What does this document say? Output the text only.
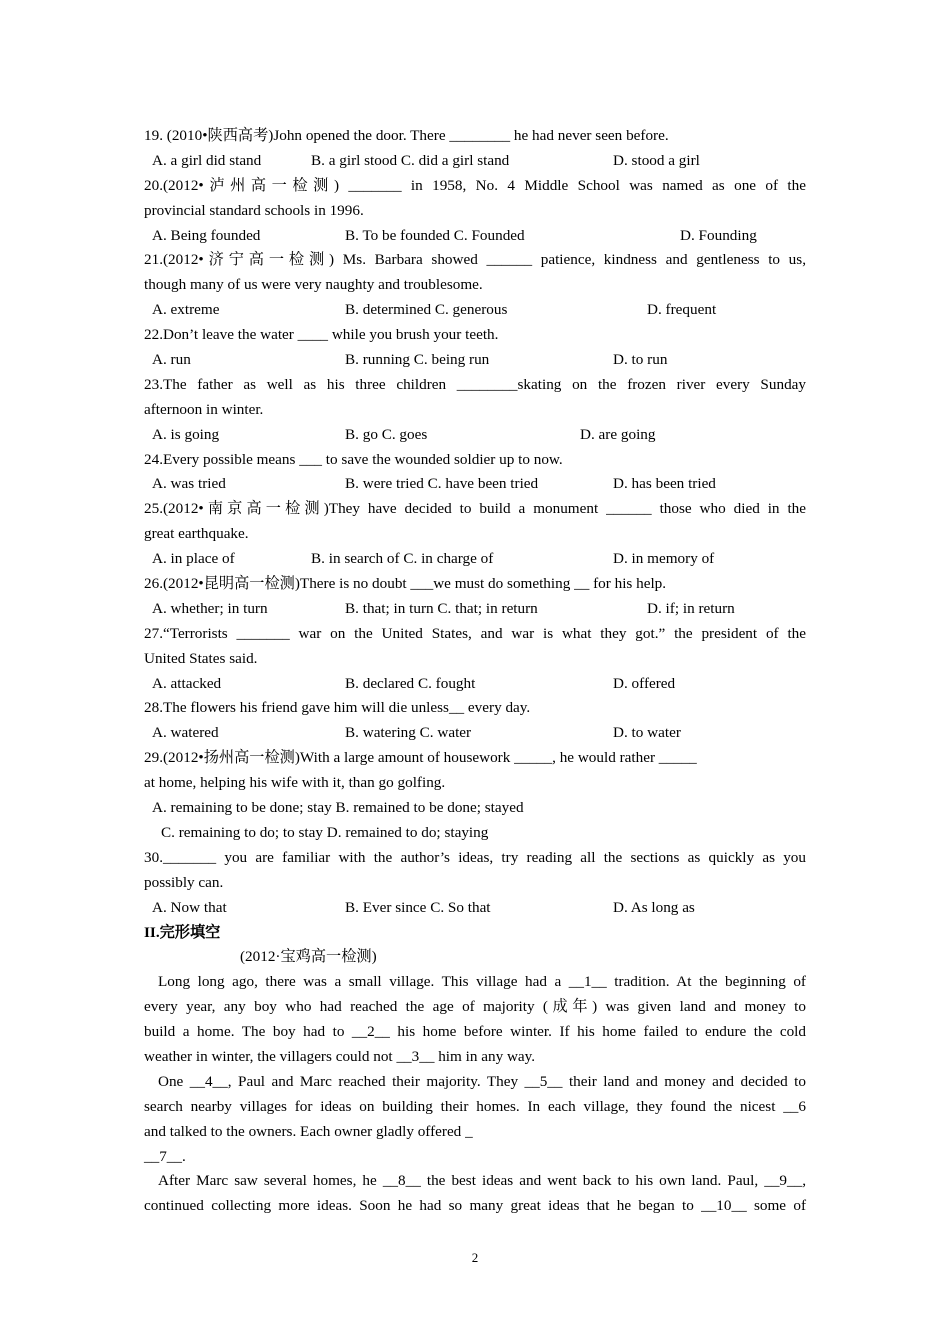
19. (2010•陕西高考)John opened the door. There ________ he had never seen before.
A. a girl did stand	B. a girl stood C. did a girl stand	D. stood a girl
20.(2012•泸州高一检测) _______ in 1958, No. 4 Middle School was named as one of the
provincial standard schools in 1996.
A. Being founded	B. To be founded C. Founded	D. Founding
21.(2012•济宁高一检测) Ms. Barbara showed ______ patience, kindness and gentleness to us,
though many of us were very naughty and troublesome.
A. extreme	B. determined C. generous	D. frequent
22.Don’t leave the water ____ while you brush your teeth.
A. run	B. running C. being run	D. to run
23.The father as well as his three children ________skating on the frozen river every Sunday
afternoon in winter.
A. is going	B. go C. goes	D. are going
24.Every possible means ___ to save the wounded soldier up to now.
A. was tried	B. were tried C. have been tried	D. has been tried
25.(2012•南京高一检测)They have decided to build a monument ______ those who died in the
great earthquake.
A. in place of	B. in search of C. in charge of	D. in memory of
26.(2012•昆明高一检测)There is no doubt ___we must do something __ for his help.
A. whether; in turn	B. that; in turn C. that; in return	D. if; in return
27.“Terrorists _______ war on the United States, and war is what they got.” the president of the
United States said.
A. attacked	B. declared C. fought	D. offered
28.The flowers his friend gave him will die unless__ every day.
A. watered	B. watering C. water	D. to water
29.(2012•扬州高一检测)With a large amount of housework _____, he would rather _____
at home, helping his wife with it, than go golfing.
A. remaining to be done; stay B. remained to be done; stayed
C. remaining to do; to stay D. remained to do; staying
30._______ you are familiar with the author’s ideas, try reading all the sections as quickly as you
possibly can.
A. Now that	B. Ever since C. So that	D. As long as
II.完形填空
(2012·宝鸡高一检测)
Long long ago, there was a small village. This village had a __1__ tradition. At the beginning of
every year, any boy who had reached the age of majority (成年) was given land and money to
build a home. The boy had to __2__ his home before winter. If his home failed to endure the cold
weather in winter, the villagers could not __3__ him in any way.
One __4__, Paul and Marc reached their majority. They __5__ their land and money and decided to
search nearby villages for ideas on building their homes. In each village, they found the nicest __6
and talked to the owners. Each owner gladly offered _
__7__.
After Marc saw several homes, he __8__ the best ideas and went back to his own land. Paul, __9__,
continued collecting more ideas. Soon he had so many great ideas that he began to __10__ some of
2
